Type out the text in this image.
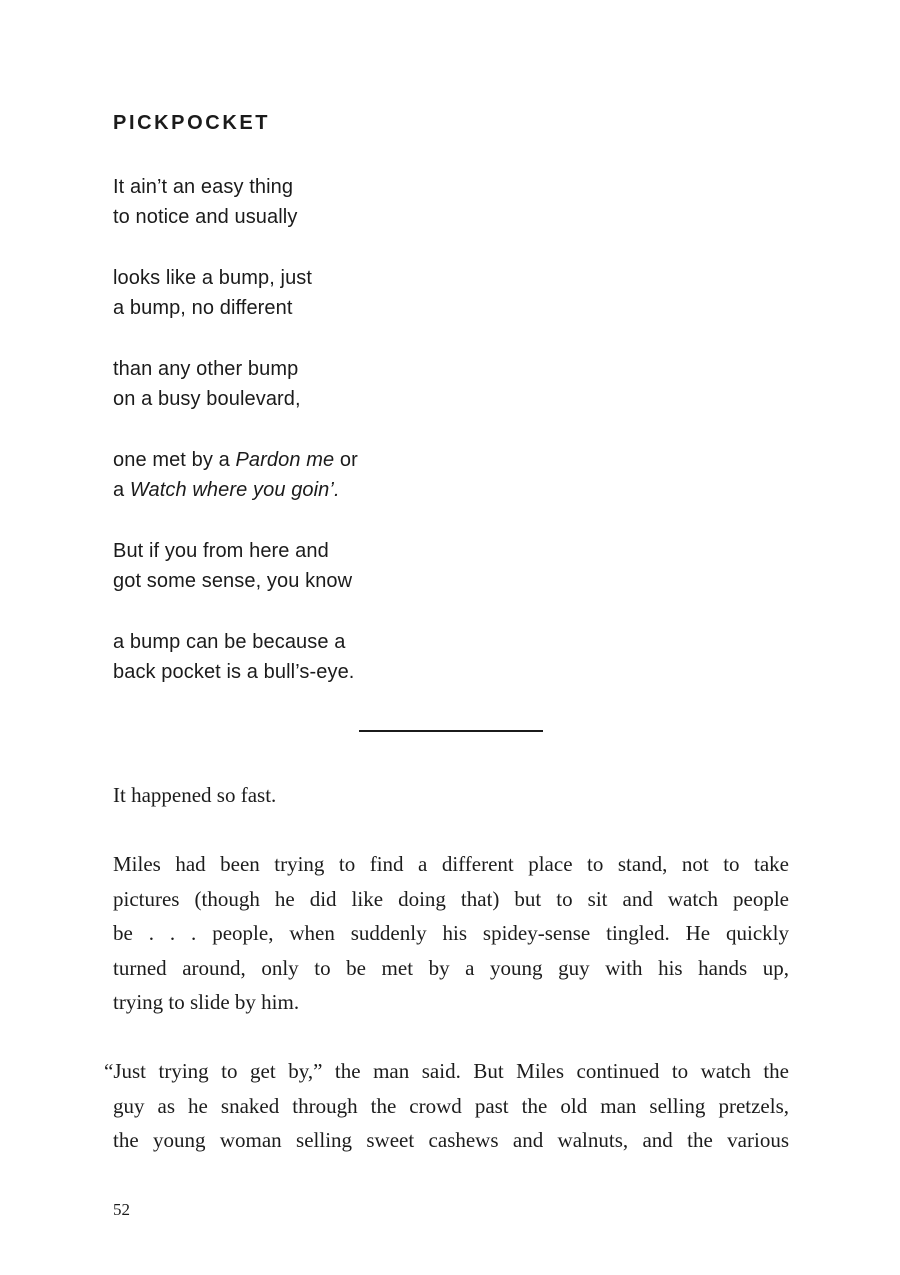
PICKPOCKET
It ain’t an easy thing
to notice and usually
looks like a bump, just
a bump, no different
than any other bump
on a busy boulevard,
one met by a Pardon me or
a Watch where you goin’.
But if you from here and
got some sense, you know
a bump can be because a
back pocket is a bull’s-eye.
It happened so fast.
Miles had been trying to find a different place to stand, not to take
pictures (though he did like doing that) but to sit and watch people
be . . . people, when suddenly his spidey-sense tingled. He quickly
turned around, only to be met by a young guy with his hands up,
trying to slide by him.
“Just trying to get by,” the man said. But Miles continued to watch the
guy as he snaked through the crowd past the old man selling pretzels,
the young woman selling sweet cashews and walnuts, and the various
52
